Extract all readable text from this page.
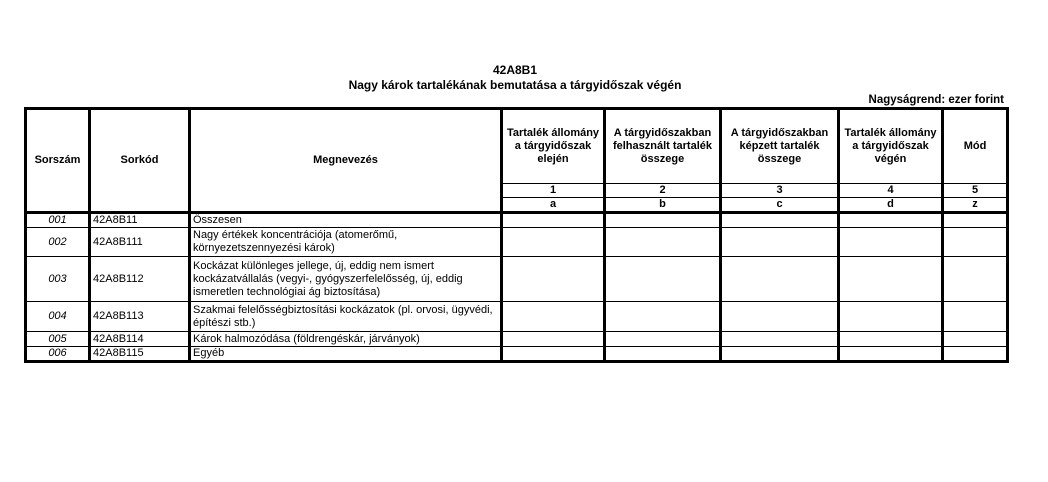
42A8B1
Nagy károk tartalékának bemutatása a tárgyidőszak végén
Nagyságrend: ezer forint
Sorszám	Sorkód	Megnevezés	Tartalék állomány a tárgyidőszak elején	A tárgyidőszakban felhasznált tartalék összege	A tárgyidőszakban képzett tartalék összege	Tartalék állomány a tárgyidőszak végén	Mód
			1	2	3	4	5
			a	b	c	d	z
001	42A8B11	Összesen					
002	42A8B111	Nagy értékek koncentrációja (atomerőmű, környezetszennyezési károk)					
003	42A8B112	Kockázat különleges jellege, új, eddig nem ismert kockázatvállalás (vegyi-, gyógyszerfelelősség, új, eddig ismeretlen technológiai ág biztosítása)					
004	42A8B113	Szakmai felelősségbiztosítási kockázatok (pl. orvosi, ügyvédi, építészi stb.)					
005	42A8B114	Károk halmozódása (földrengéskár, járványok)					
006	42A8B115	Egyéb					
